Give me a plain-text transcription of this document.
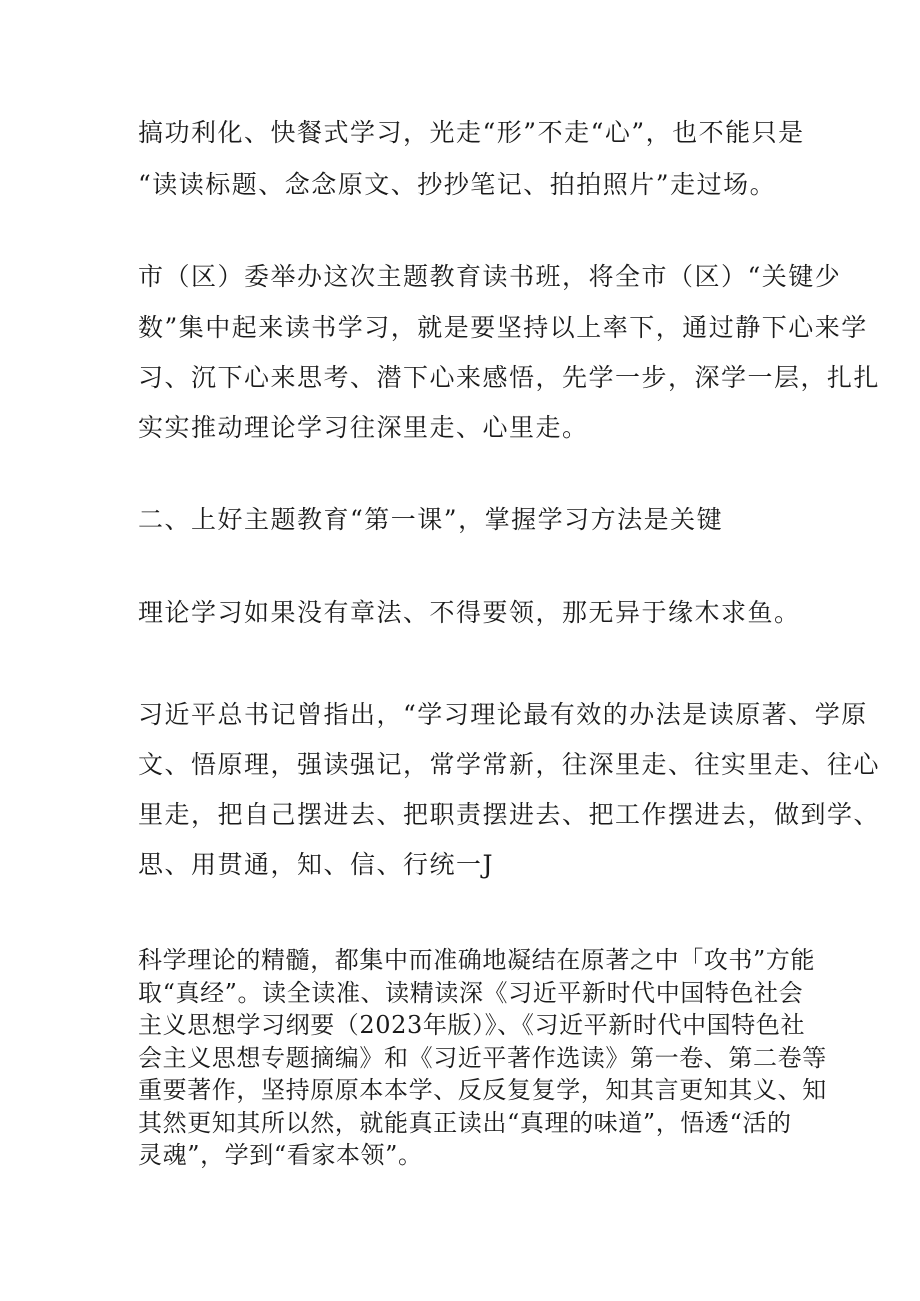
搞功利化、快餐式学习，光走“形”不走“心”，也不能只是
“读读标题、念念原文、抄抄笔记、拍拍照片”走过场。
市（区）委举办这次主题教育读书班，将全市（区）“关键少
数”集中起来读书学习，就是要坚持以上率下，通过静下心来学
习、沉下心来思考、潜下心来感悟，先学一步，深学一层，扎扎
实实推动理论学习往深里走、心里走。
二、上好主题教育“第一课”，掌握学习方法是关键
理论学习如果没有章法、不得要领，那无异于缘木求鱼。
习近平总书记曾指出，“学习理论最有效的办法是读原著、学原
文、悟原理，强读强记，常学常新，往深里走、往实里走、往心
里走，把自己摆进去、把职责摆进去、把工作摆进去，做到学、
思、用贯通，知、信、行统一J
科学理论的精髓，都集中而准确地凝结在原著之中「攻书”方能
取“真经”。读全读准、读精读深《习近平新时代中国特色社会
主义思想学习纲要（2023年版）》、《习近平新时代中国特色社
会主义思想专题摘编》和《习近平著作选读》第一卷、第二卷等
重要著作，坚持原原本本学、反反复复学，知其言更知其义、知
其然更知其所以然，就能真正读出“真理的味道”，悟透“活的
灵魂”，学到“看家本领”。
